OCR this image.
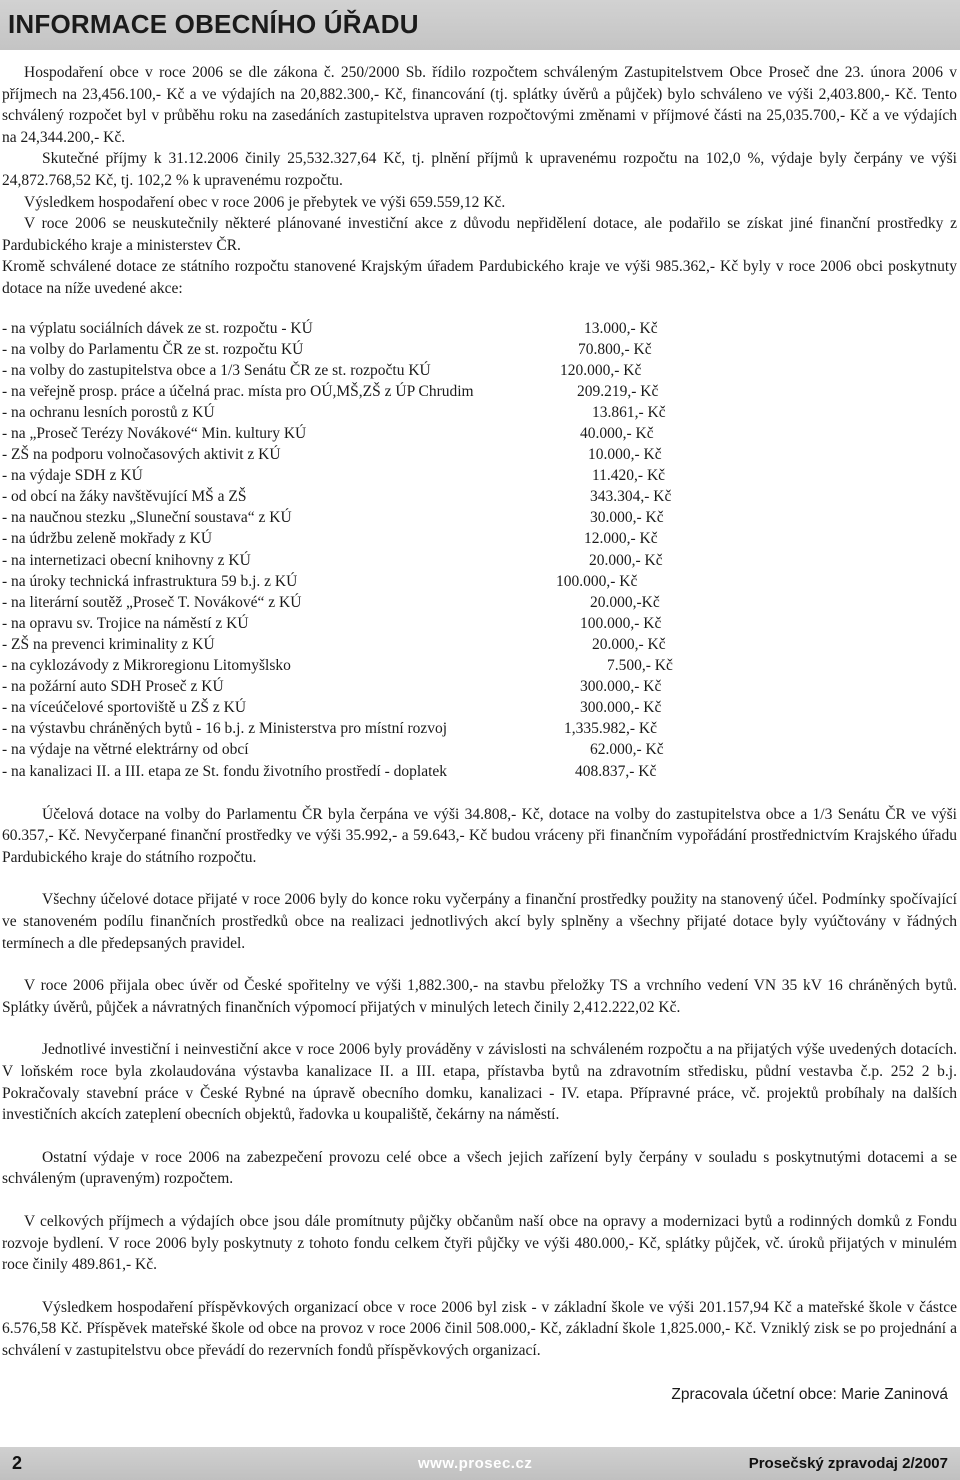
INFORMACE OBECNÍHO ÚŘADU

Hospodaření obce v roce 2006 se dle zákona č. 250/2000 Sb. řídilo rozpočtem schváleným Zastupitelstvem Obce Proseč dne 23. února 2006 v příjmech na 23,456.100,- Kč a ve výdajích na 20,882.300,- Kč, financování (tj. splátky úvěrů a půjček) bylo schváleno ve výši 2,403.800,- Kč. Tento schválený rozpočet byl v průběhu roku na zasedáních zastupitelstva upraven rozpočtovými změnami v příjmové části na 25,035.700,- Kč a ve výdajích na 24,344.200,- Kč.

Skutečné příjmy k 31.12.2006 činily 25,532.327,64 Kč, tj. plnění příjmů k upravenému rozpočtu na 102,0 %, výdaje byly čerpány ve výši 24,872.768,52 Kč, tj. 102,2 % k upravenému rozpočtu.

Výsledkem hospodaření obec v roce 2006 je přebytek ve výši 659.559,12 Kč.

V roce 2006 se neuskutečnily některé plánované investiční akce z důvodu nepřidělení dotace, ale podařilo se získat jiné finanční prostředky z Pardubického kraje a ministerstev ČR.

Kromě schválené dotace ze státního rozpočtu stanovené Krajským úřadem Pardubického kraje ve výši 985.362,- Kč byly v roce 2006 obci poskytnuty dotace na níže uvedené akce:

- na výplatu sociálních dávek ze st. rozpočtu - KÚ	13.000,- Kč
- na volby do Parlamentu ČR ze st. rozpočtu KÚ	70.800,- Kč
- na volby do zastupitelstva obce a 1/3 Senátu ČR ze st. rozpočtu KÚ	120.000,- Kč
- na veřejně prosp. práce a účelná prac. místa pro OÚ,MŠ,ZŠ z ÚP Chrudim	209.219,- Kč
- na ochranu lesních porostů z KÚ	13.861,- Kč
- na „Proseč Terézy Novákové“ Min. kultury KÚ	40.000,- Kč
- ZŠ na podporu volnočasových aktivit z KÚ	10.000,- Kč
- na výdaje SDH z KÚ	11.420,- Kč
- od obcí na žáky navštěvující MŠ a ZŠ	343.304,- Kč
- na naučnou stezku „Sluneční soustava“ z KÚ	30.000,- Kč
- na údržbu zeleně mokřady z KÚ	12.000,- Kč
- na internetizaci obecní knihovny z KÚ	20.000,- Kč
- na úroky technická infrastruktura 59 b.j. z KÚ	100.000,- Kč
- na literární soutěž „Proseč T. Novákové“ z KÚ	20.000,-Kč
- na opravu sv. Trojice na náměstí z KÚ	100.000,- Kč
- ZŠ na prevenci kriminality z KÚ	20.000,- Kč
- na cyklozávody z Mikroregionu Litomyšlsko	7.500,- Kč
- na požární auto SDH Proseč z KÚ	300.000,- Kč
- na víceúčelové sportoviště u ZŠ z KÚ	300.000,- Kč
- na výstavbu chráněných bytů - 16 b.j. z Ministerstva pro místní rozvoj	1,335.982,- Kč
- na výdaje na větrné elektrárny od obcí	62.000,- Kč
- na kanalizaci II. a III. etapa ze St. fondu životního prostředí - doplatek	408.837,- Kč

Účelová dotace na volby do Parlamentu ČR byla čerpána ve výši 34.808,- Kč, dotace na volby do zastupitelstva obce a 1/3 Senátu ČR ve výši 60.357,- Kč. Nevyčerpané finanční prostředky ve výši 35.992,- a 59.643,- Kč budou vráceny při finančním vypořádání prostřednictvím Krajského úřadu Pardubického kraje do státního rozpočtu.

Všechny účelové dotace přijaté v roce 2006 byly do konce roku vyčerpány a finanční prostředky použity na stanovený účel. Podmínky spočívající ve stanoveném podílu finančních prostředků obce na realizaci jednotlivých akcí byly splněny a všechny přijaté dotace byly vyúčtovány v řádných termínech a dle předepsaných pravidel.

V roce 2006 přijala obec úvěr od České spořitelny ve výši 1,882.300,- na stavbu přeložky TS a vrchního vedení VN 35 kV 16 chráněných bytů. Splátky úvěrů, půjček a návratných finančních výpomocí přijatých v minulých letech činily 2,412.222,02 Kč.

Jednotlivé investiční i neinvestiční akce v roce 2006 byly prováděny v závislosti na schváleném rozpočtu a na přijatých výše uvedených dotacích. V loňském roce byla zkolaudována výstavba kanalizace II. a III. etapa, přístavba bytů na zdravotním středisku, půdní vestavba č.p. 252 2 b.j. Pokračovaly stavební práce v České Rybné na úpravě obecního domku, kanalizaci - IV. etapa. Přípravné práce, vč. projektů probíhaly na dalších investičních akcích zateplení obecních objektů, řadovka u koupaliště, čekárny na náměstí.

Ostatní výdaje v roce 2006 na zabezpečení provozu celé obce a všech jejich zařízení byly čerpány v souladu s poskytnutými dotacemi a se schváleným (upraveným) rozpočtem.

V celkových příjmech a výdajích obce jsou dále promítnuty půjčky občanům naší obce na opravy a modernizaci bytů a rodinných domků z Fondu rozvoje bydlení. V roce 2006 byly poskytnuty z tohoto fondu celkem čtyři půjčky ve výši 480.000,- Kč, splátky půjček, vč. úroků přijatých v minulém roce činily 489.861,- Kč.

Výsledkem hospodaření příspěvkových organizací obce v roce 2006 byl zisk - v základní škole ve výši 201.157,94 Kč a mateřské škole v částce 6.576,58 Kč. Příspěvek mateřské škole od obce na provoz v roce 2006 činil 508.000,- Kč, základní škole 1,825.000,- Kč. Vzniklý zisk se po projednání a schválení v zastupitelstvu obce převádí do rezervních fondů příspěvkových organizací.

Zpracovala účetní obce: Marie Zaninová
2	www.prosec.cz	Prosečský zpravodaj 2/2007
